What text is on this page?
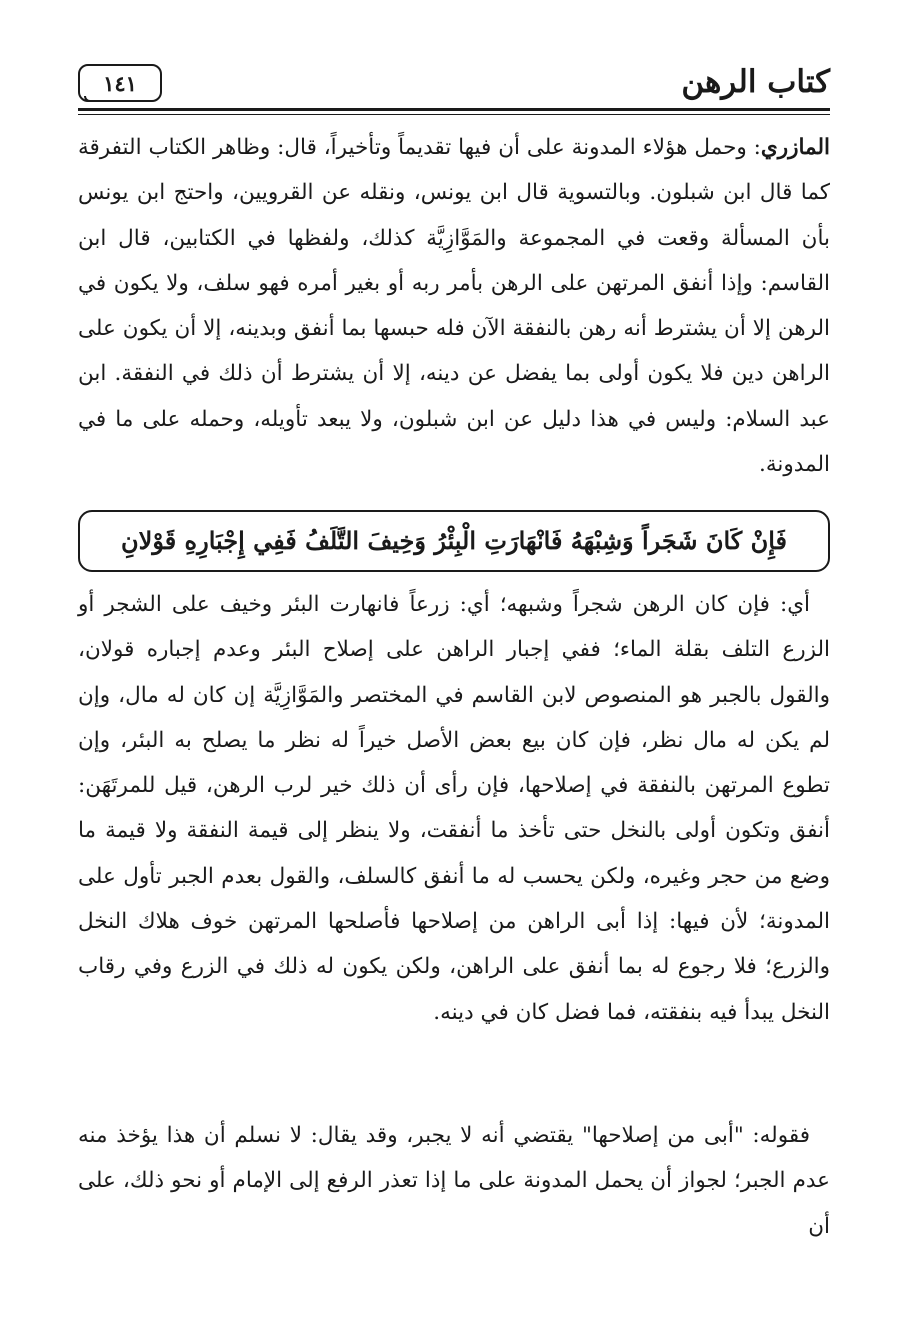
١٤١	كتاب الرهن

المازري: وحمل هؤلاء المدونة على أن فيها تقديماً وتأخيراً، قال: وظاهر الكتاب التفرقة كما قال ابن شبلون. وبالتسوية قال ابن يونس، ونقله عن القرويين، واحتج ابن يونس بأن المسألة وقعت في المجموعة والمَوَّازِيَّة كذلك، ولفظها في الكتابين، قال ابن القاسم: وإذا أنفق المرتهن على الرهن بأمر ربه أو بغير أمره فهو سلف، ولا يكون في الرهن إلا أن يشترط أنه رهن بالنفقة الآن فله حبسها بما أنفق وبدينه، إلا أن يكون على الراهن دين فلا يكون أولى بما يفضل عن دينه، إلا أن يشترط أن ذلك في النفقة. ابن عبد السلام: وليس في هذا دليل عن ابن شبلون، ولا يبعد تأويله، وحمله على ما في المدونة.

فَإِنْ كَانَ شَجَراً وَشِبْهَهُ فَانْهَارَتِ الْبِئْرُ وَخِيفَ التَّلَفُ فَفِي إِجْبَارِهِ قَوْلانِ

أي: فإن كان الرهن شجراً وشبهه؛ أي: زرعاً فانهارت البئر وخيف على الشجر أو الزرع التلف بقلة الماء؛ ففي إجبار الراهن على إصلاح البئر وعدم إجباره قولان، والقول بالجبر هو المنصوص لابن القاسم في المختصر والمَوَّازِيَّة إن كان له مال، وإن لم يكن له مال نظر، فإن كان بيع بعض الأصل خيراً له نظر ما يصلح به البئر، وإن تطوع المرتهن بالنفقة في إصلاحها، فإن رأى أن ذلك خير لرب الرهن، قيل للمرتَهَن: أنفق وتكون أولى بالنخل حتى تأخذ ما أنفقت، ولا ينظر إلى قيمة النفقة ولا قيمة ما وضع من حجر وغيره، ولكن يحسب له ما أنفق كالسلف، والقول بعدم الجبر تأول على المدونة؛ لأن فيها: إذا أبى الراهن من إصلاحها فأصلحها المرتهن خوف هلاك النخل والزرع؛ فلا رجوع له بما أنفق على الراهن، ولكن يكون له ذلك في الزرع وفي رقاب النخل يبدأ فيه بنفقته، فما فضل كان في دينه.

فقوله: "أبى من إصلاحها" يقتضي أنه لا يجبر، وقد يقال: لا نسلم أن هذا يؤخذ منه عدم الجبر؛ لجواز أن يحمل المدونة على ما إذا تعذر الرفع إلى الإمام أو نحو ذلك، على أن
